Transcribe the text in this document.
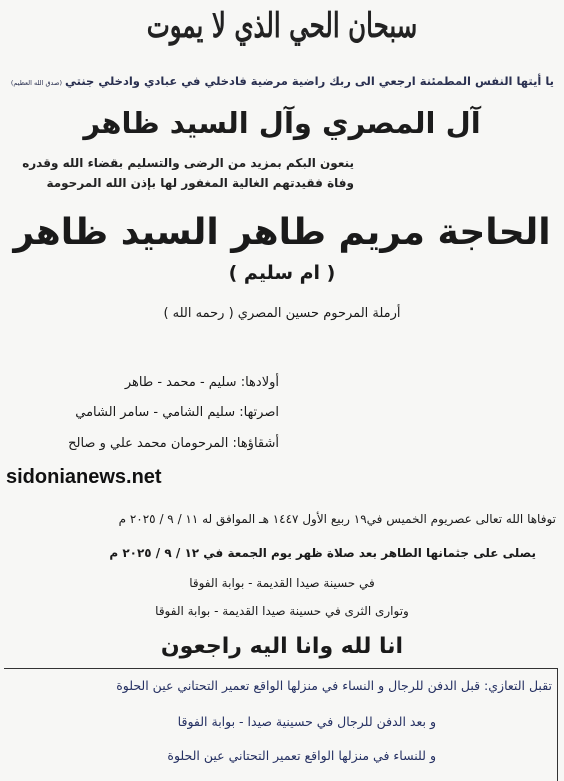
سبحان الحي الذي لا يموت
يا أيتها النفس المطمئنة ارجعي الى ربك راضية مرضية فادخلي في عبادي وادخلي جنتي(صدق الله العظيم)
آل المصري وآل السيد ظاهر
ينعون البكم بمزيد من الرضى والتسليم بقضاء الله وقدره
وفاة فقيدتهم الغالية المغفور لها بإذن الله المرحومة
الحاجة مريم طاهر السيد ظاهر
( ام سليم )
أرملة المرحوم حسين المصري ( رحمه الله )
أولادها: سليم - محمد - طاهر
اصرتها: سليم الشامي - سامر الشامي
أشقاؤها: المرحومان محمد علي و صالح
sidonianews.net
توفاها الله تعالى عصريوم الخميس في١٩ ربيع الأول ١٤٤٧ هـ الموافق له ١١ / ٩ / ٢٠٢٥ م
يصلى على جثمانها الطاهر بعد صلاة ظهر يوم الجمعة في ١٢ / ٩ / ٢٠٢٥ م
في حسينة صيدا القديمة - بوابة الفوقا
وتوارى الثرى في حسينة صيدا القديمة - بوابة الفوقا
انا لله وانا اليه راجعون
تقبل التعازي: قبل الدفن للرجال و النساء في منزلها الواقع تعمير التحتاني عين الحلوة
و بعد الدفن للرجال في حسينية صيدا - بوابة الفوقا
و للنساء في منزلها الواقع تعمير التحتاني عين الحلوة
